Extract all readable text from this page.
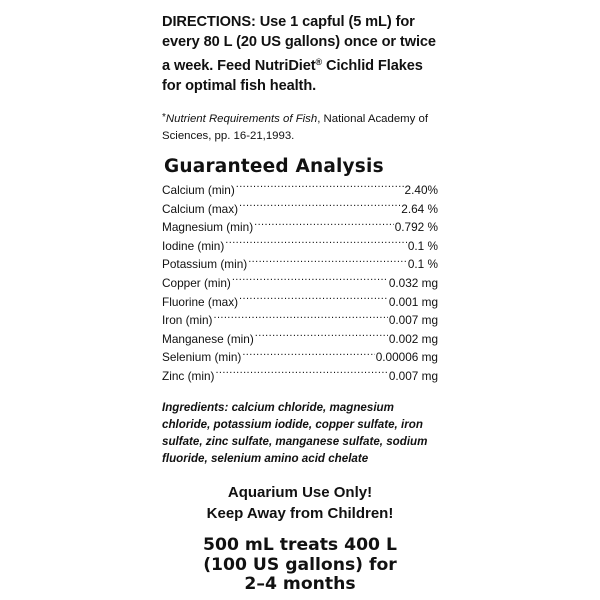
DIRECTIONS: Use 1 capful (5 mL) for every 80 L (20 US gallons) once or twice a week. Feed NutriDiet® Cichlid Flakes for optimal fish health.

*Nutrient Requirements of Fish, National Academy of Sciences, pp. 16-21,1993.

Guaranteed Analysis
Calcium (min) .....	2.40%
Calcium (max) .....	2.64 %
Magnesium (min) .....	0.792 %
Iodine (min) .....	0.1 %
Potassium (min) .....	0.1 %
Copper (min) .....	0.032 mg
Fluorine (max) .....	0.001 mg
Iron (min) .....	0.007 mg
Manganese (min) .....	0.002 mg
Selenium (min) .....	0.00006 mg
Zinc (min) .....	0.007 mg

Ingredients: calcium chloride, magnesium chloride, potassium iodide, copper sulfate, iron sulfate, zinc sulfate, manganese sulfate, sodium fluoride, selenium amino acid chelate

Aquarium Use Only!
Keep Away from Children!
500 mL treats 400 L
(100 US gallons) for
2–4 months
